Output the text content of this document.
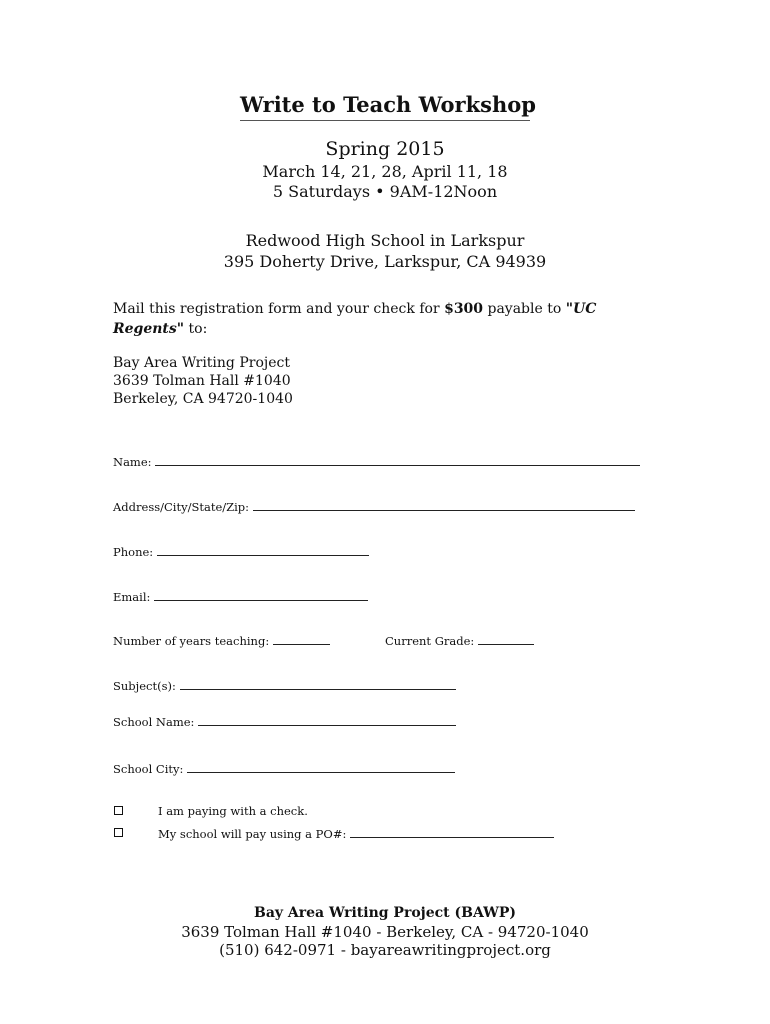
Write to Teach Workshop
Spring 2015
March 14, 21, 28, April 11, 18
5 Saturdays • 9AM-12Noon
Redwood High School in Larkspur
395 Doherty Drive, Larkspur, CA 94939
Mail this registration form and your check for $300 payable to "UC Regents" to:
Bay Area Writing Project
3639 Tolman Hall #1040
Berkeley, CA 94720-1040
Name:
Address/City/State/Zip:
Phone:
Email:
Number of years teaching:	Current Grade:
Subject(s):
School Name:
School City:
I am paying with a check.
My school will pay using a PO#:
Bay Area Writing Project (BAWP)
3639 Tolman Hall #1040 - Berkeley, CA - 94720-1040
(510) 642-0971 - bayareawritingproject.org
